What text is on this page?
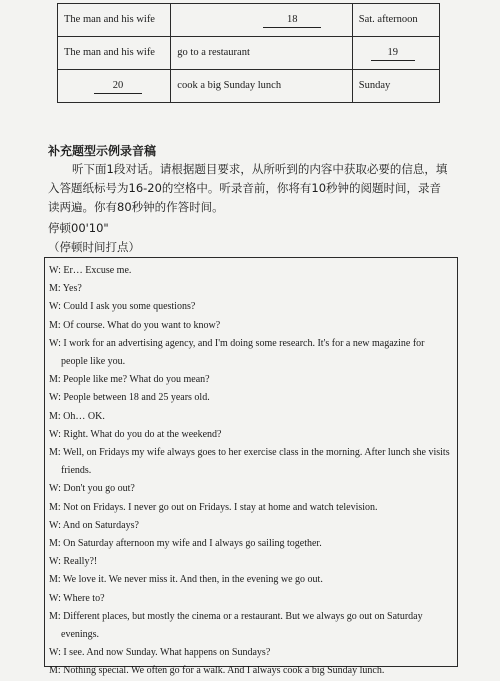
The man and his wife	18	Sat. afternoon
The man and his wife	go to a restaurant	19
20	cook a big Sunday lunch	Sunday
补充题型示例录音稿
听下面1段对话。请根据题目要求，从所听到的内容中获取必要的信息，填入答题纸标号为16-20的空格中。听录音前，你将有10秒钟的阅题时间，录音读两遍。你有80秒钟的作答时间。
停顿00'10"
（停顿时间打点）

W: Er… Excuse me.

M: Yes?

W: Could I ask you some questions?

M: Of course. What do you want to know?

W: I work for an advertising agency, and I'm doing some research. It's for a new magazine for

people like you.

M: People like me? What do you mean?

W: People between 18 and 25 years old.

M: Oh… OK.

W: Right. What do you do at the weekend?

M: Well, on Fridays my wife always goes to her exercise class in the morning. After lunch she visits

friends.

W: Don't you go out?

M: Not on Fridays. I never go out on Fridays. I stay at home and watch television.

W: And on Saturdays?

M: On Saturday afternoon my wife and I always go sailing together.

W: Really?!

M: We love it. We never miss it. And then, in the evening we go out.

W: Where to?

M: Different places, but mostly the cinema or a restaurant. But we always go out on Saturday

evenings.

W: I see. And now Sunday. What happens on Sundays?

M: Nothing special. We often go for a walk. And I always cook a big Sunday lunch.
